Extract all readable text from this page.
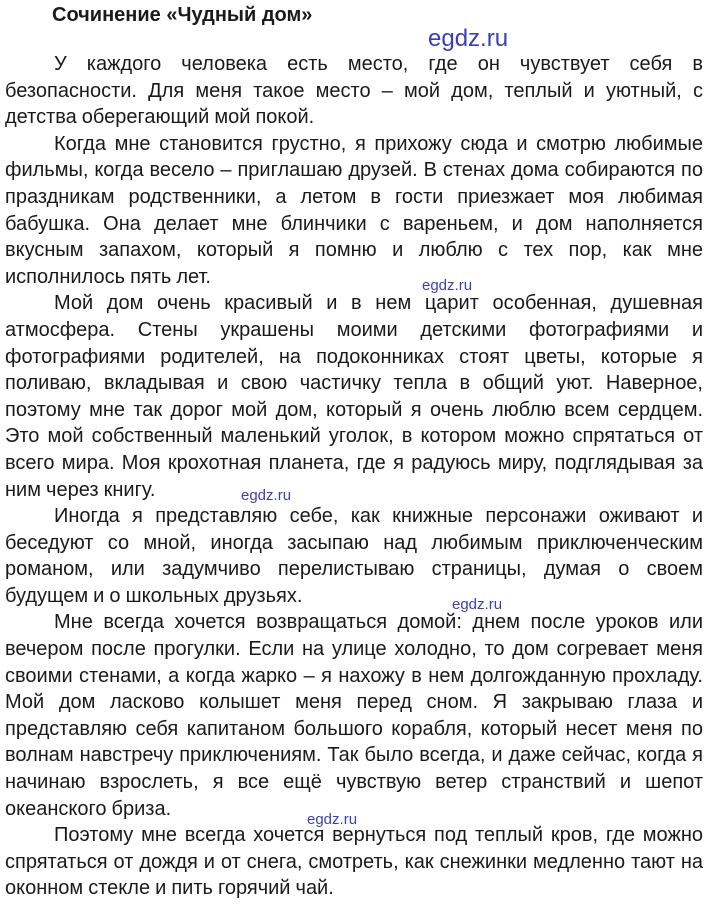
Сочинение «Чудный дом»
egdz.ru

У каждого человека есть место, где он чувствует себя в безопасности. Для меня такое место – мой дом, теплый и уютный, с детства оберегающий мой покой.

Когда мне становится грустно, я прихожу сюда и смотрю любимые фильмы, когда весело – приглашаю друзей. В стенах дома собираются по праздникам родственники, а летом в гости приезжает моя любимая бабушка. Она делает мне блинчики с вареньем, и дом наполняется вкусным запахом, который я помню и люблю с тех пор, как мне исполнилось пять лет.

Мой дом очень красивый и в нем царит особенная, душевная атмосфера. Стены украшены моими детскими фотографиями и фотографиями родителей, на подоконниках стоят цветы, которые я поливаю, вкладывая и свою частичку тепла в общий уют. Наверное, поэтому мне так дорог мой дом, который я очень люблю всем сердцем. Это мой собственный маленький уголок, в котором можно спрятаться от всего мира. Моя крохотная планета, где я радуюсь миру, подглядывая за ним через книгу.

Иногда я представляю себе, как книжные персонажи оживают и беседуют со мной, иногда засыпаю над любимым приключенческим романом, или задумчиво перелистываю страницы, думая о своем будущем и о школьных друзьях.

Мне всегда хочется возвращаться домой: днем после уроков или вечером после прогулки. Если на улице холодно, то дом согревает меня своими стенами, а когда жарко – я нахожу в нем долгожданную прохладу. Мой дом ласково колышет меня перед сном. Я закрываю глаза и представляю себя капитаном большого корабля, который несет меня по волнам навстречу приключениям. Так было всегда, и даже сейчас, когда я начинаю взрослеть, я все ещё чувствую ветер странствий и шепот океанского бриза.

Поэтому мне всегда хочется вернуться под теплый кров, где можно спрятаться от дождя и от снега, смотреть, как снежинки медленно тают на оконном стекле и пить горячий чай.

egdz.ru
egdz.ru
egdz.ru
egdz.ru
